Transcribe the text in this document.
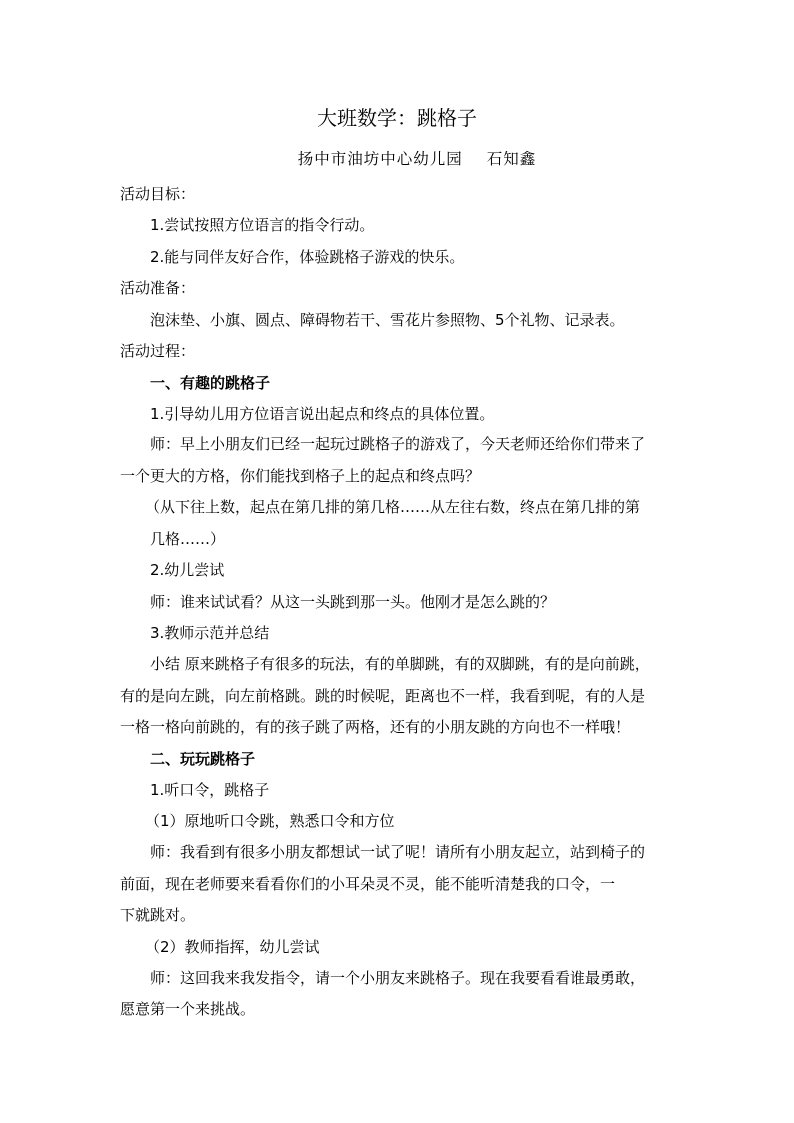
大班数学：跳格子
扬中市油坊中心幼儿园 石知鑫
活动目标：
1.尝试按照方位语言的指令行动。
2.能与同伴友好合作，体验跳格子游戏的快乐。
活动准备：
泡沫垫、小旗、圆点、障碍物若干、雪花片参照物、5个礼物、记录表。
活动过程：
一、有趣的跳格子
1.引导幼儿用方位语言说出起点和终点的具体位置。
师：早上小朋友们已经一起玩过跳格子的游戏了，今天老师还给你们带来了
一个更大的方格，你们能找到格子上的起点和终点吗？
（从下往上数，起点在第几排的第几格……从左往右数，终点在第几排的第
几格……）
2.幼儿尝试
师：谁来试试看？从这一头跳到那一头。他刚才是怎么跳的？
3.教师示范并总结
小结 原来跳格子有很多的玩法，有的单脚跳，有的双脚跳，有的是向前跳，
有的是向左跳，向左前格跳。跳的时候呢，距离也不一样，我看到呢，有的人是
一格一格向前跳的，有的孩子跳了两格，还有的小朋友跳的方向也不一样哦！
二、玩玩跳格子
1.听口令，跳格子
（1）原地听口令跳，熟悉口令和方位
师：我看到有很多小朋友都想试一试了呢！请所有小朋友起立，站到椅子的
前面，现在老师要来看看你们的小耳朵灵不灵，能不能听清楚我的口令，一
下就跳对。
（2）教师指挥，幼儿尝试
师：这回我来我发指令，请一个小朋友来跳格子。现在我要看看谁最勇敢，
愿意第一个来挑战。
